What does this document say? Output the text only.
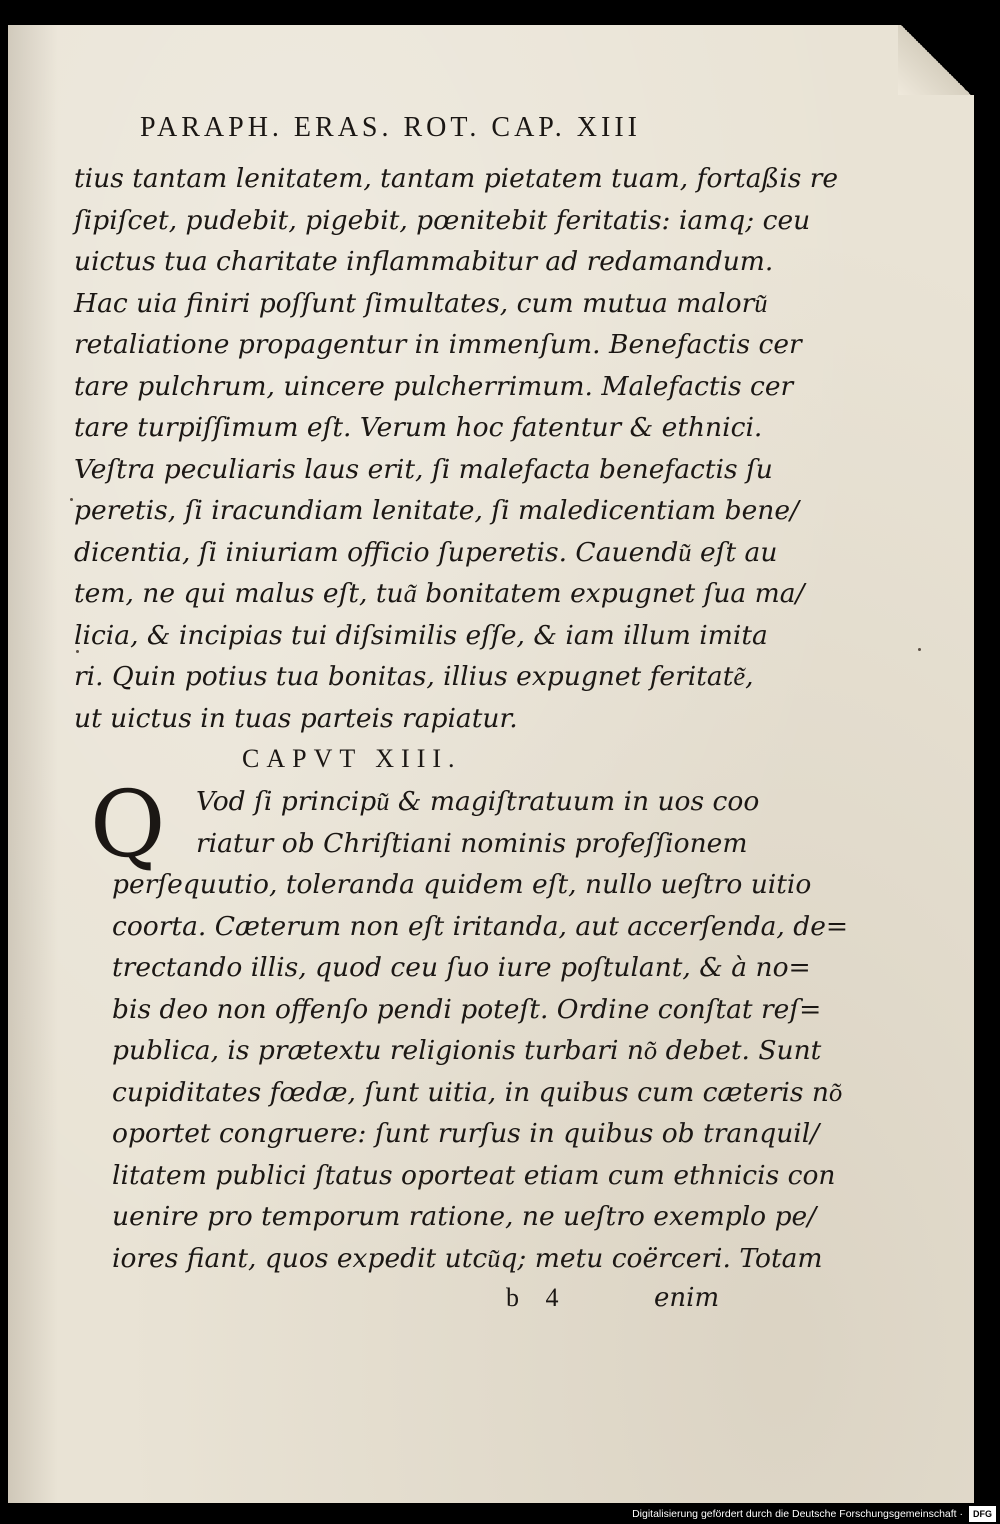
PARAPH. ERAS. ROT. CAP. XIII
tius tantam lenitatem, tantam pietatem tuam, fortaßis re
ſipiſcet, pudebit, pigebit, pœnitebit feritatis: iamq; ceu
uictus tua charitate inflammabitur ad redamandum.
Hac uia finiri poſſunt ſimultates, cum mutua maloru͂
retaliatione propagentur in immenſum. Benefactis cer
tare pulchrum, uincere pulcherrimum. Malefactis cer
tare turpiſſimum eſt. Verum hoc fatentur & ethnici.
Veſtra peculiaris laus erit, ſi malefacta benefactis ſu
peretis, ſi iracundiam lenitate, ſi maledicentiam bene/
dicentia, ſi iniuriam officio ſuperetis. Cauendu͂ eſt au
tem, ne qui malus eſt, tua͂ bonitatem expugnet ſua ma/
licia, & incipias tui diſsimilis eſſe, & iam illum imita
ri. Quin potius tua bonitas, illius expugnet feritate͂,
ut uictus in tuas parteis rapiatur.
CAPVT XIII.
Q	Vod ſi principu͂ & magiſtratuum in uos coo
riatur ob Chriſtiani nominis profeſſionem
perſequutio, toleranda quidem eſt, nullo ueſtro uitio
coorta. Cæterum non eſt iritanda, aut accerſenda, de=
trectando illis, quod ceu ſuo iure poſtulant, & à no=
bis deo non offenſo pendi poteſt. Ordine conſtat reſ=
publica, is prætextu religionis turbari no͂ debet. Sunt
cupiditates fœdæ, ſunt uitia, in quibus cum cæteris no͂
oportet congruere: ſunt rurſus in quibus ob tranquil/
litatem publici ſtatus oporteat etiam cum ethnicis con
uenire pro temporum ratione, ne ueſtro exemplo pe/
iores fiant, quos expedit utcu͂q; metu coërceri. Totam
b 4	enim
Digitalisierung gefördert durch die Deutsche Forschungsgemeinschaft ·	DFG
